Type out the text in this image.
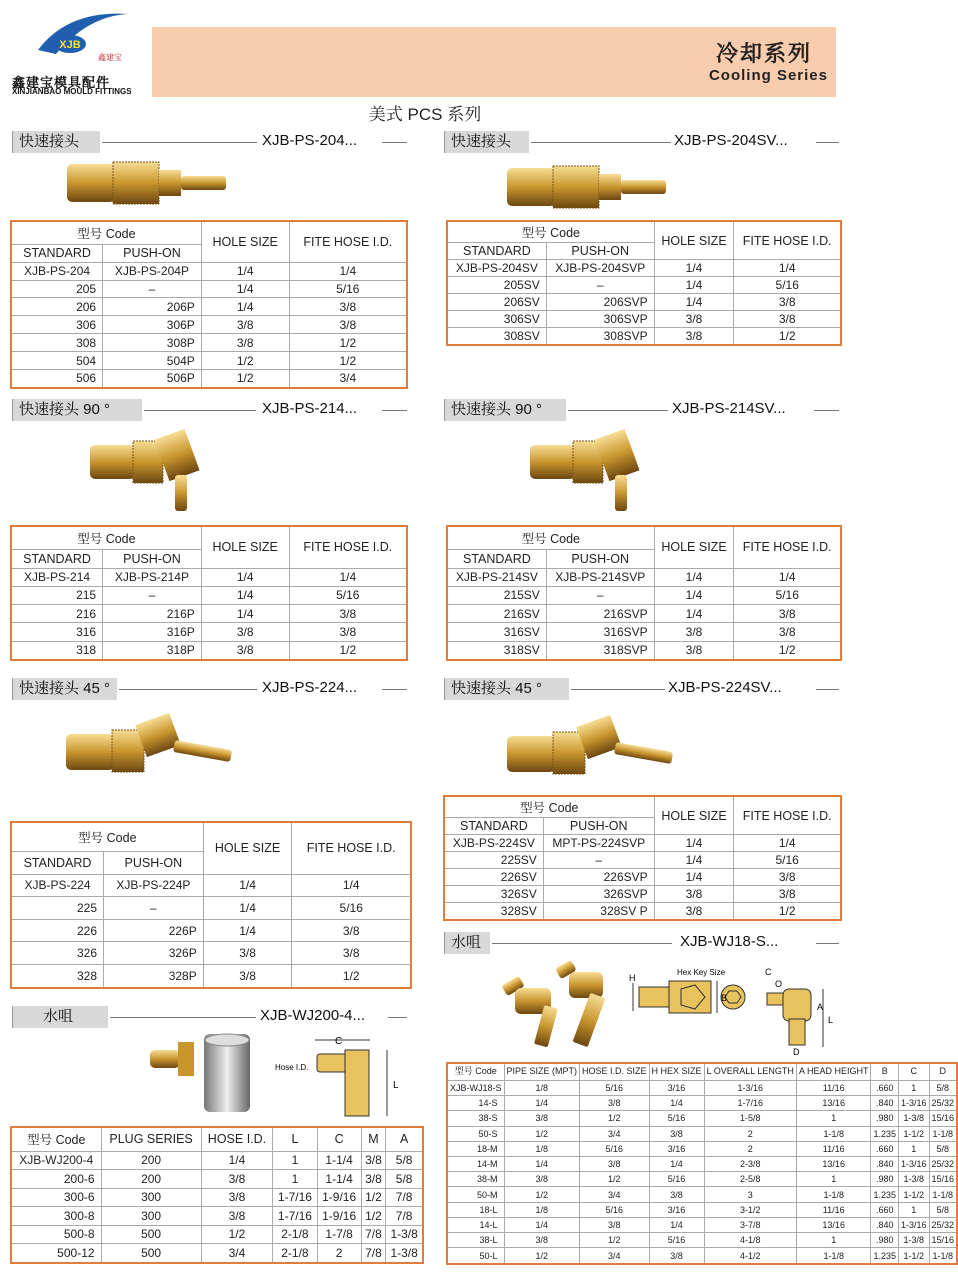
XJB
鑫建宝
鑫建宝模具配件
XINJIANBAO MOULD FITTINGS
冷却系列
Cooling Series
美式 PCS 系列
快速接头	XJB-PS-204...	快速接头	XJB-PS-204SV...
快速接头 90 °	XJB-PS-214...	快速接头 90 °	XJB-PS-214SV...
快速接头 45 °	XJB-PS-224...	快速接头 45 °	XJB-PS-224SV...
水咀	XJB-WJ18-S...
水咀	XJB-WJ200-4...
H
Hex Key Size
B
C
O
A
L
D
C
Hose I.D.
L
型号 Code		HOLE SIZE	FITE HOSE I.D.
STANDARD	PUSH-ON		
XJB-PS-204	XJB-PS-204P	1/4	1/4
205	–	1/4	5/16
206	206P	1/4	3/8
306	306P	3/8	3/8
308	308P	3/8	1/2
504	504P	1/2	1/2
506	506P	1/2	3/4
型号 Code		HOLE SIZE	FITE HOSE I.D.
STANDARD	PUSH-ON		
XJB-PS-204SV	XJB-PS-204SVP	1/4	1/4
205SV	–	1/4	5/16
206SV	206SVP	1/4	3/8
306SV	306SVP	3/8	3/8
308SV	308SVP	3/8	1/2
型号 Code		HOLE SIZE	FITE HOSE I.D.
STANDARD	PUSH-ON		
XJB-PS-214	XJB-PS-214P	1/4	1/4
215	–	1/4	5/16
216	216P	1/4	3/8
316	316P	3/8	3/8
318	318P	3/8	1/2
型号 Code		HOLE SIZE	FITE HOSE I.D.
STANDARD	PUSH-ON		
XJB-PS-214SV	XJB-PS-214SVP	1/4	1/4
215SV	–	1/4	5/16
216SV	216SVP	1/4	3/8
316SV	316SVP	3/8	3/8
318SV	318SVP	3/8	1/2
型号 Code		HOLE SIZE	FITE HOSE I.D.
STANDARD	PUSH-ON		
XJB-PS-224	XJB-PS-224P	1/4	1/4
225	–	1/4	5/16
226	226P	1/4	3/8
326	326P	3/8	3/8
328	328P	3/8	1/2
型号 Code		HOLE SIZE	FITE HOSE I.D.
STANDARD	PUSH-ON		
XJB-PS-224SV	MPT-PS-224SVP	1/4	1/4
225SV	–	1/4	5/16
226SV	226SVP	1/4	3/8
326SV	326SVP	3/8	3/8
328SV	328SV P	3/8	1/2
型号 Code	PIPE SIZE (MPT)	HOSE I.D. SIZE	H HEX SIZE	L OVERALL LENGTH	A HEAD HEIGHT	B	C	D
XJB-WJ18-S	1/8	5/16	3/16	1-3/16	11/16	.660	1	5/8
14-S	1/4	3/8	1/4	1-7/16	13/16	.840	1-3/16	25/32
38-S	3/8	1/2	5/16	1-5/8	1	.980	1-3/8	15/16
50-S	1/2	3/4	3/8	2	1-1/8	1.235	1-1/2	1-1/8
18-M	1/8	5/16	3/16	2	11/16	.660	1	5/8
14-M	1/4	3/8	1/4	2-3/8	13/16	.840	1-3/16	25/32
38-M	3/8	1/2	5/16	2-5/8	1	.980	1-3/8	15/16
50-M	1/2	3/4	3/8	3	1-1/8	1.235	1-1/2	1-1/8
18-L	1/8	5/16	3/16	3-1/2	11/16	.660	1	5/8
14-L	1/4	3/8	1/4	3-7/8	13/16	.840	1-3/16	25/32
38-L	3/8	1/2	5/16	4-1/8	1	.980	1-3/8	15/16
50-L	1/2	3/4	3/8	4-1/2	1-1/8	1.235	1-1/2	1-1/8
型号 Code	PLUG SERIES	HOSE I.D.	L	C	M	A
XJB-WJ200-4	200	1/4	1	1-1/4	3/8	5/8
200-6	200	3/8	1	1-1/4	3/8	5/8
300-6	300	3/8	1-7/16	1-9/16	1/2	7/8
300-8	300	3/8	1-7/16	1-9/16	1/2	7/8
500-8	500	1/2	2-1/8	1-7/8	7/8	1-3/8
500-12	500	3/4	2-1/8	2	7/8	1-3/8
